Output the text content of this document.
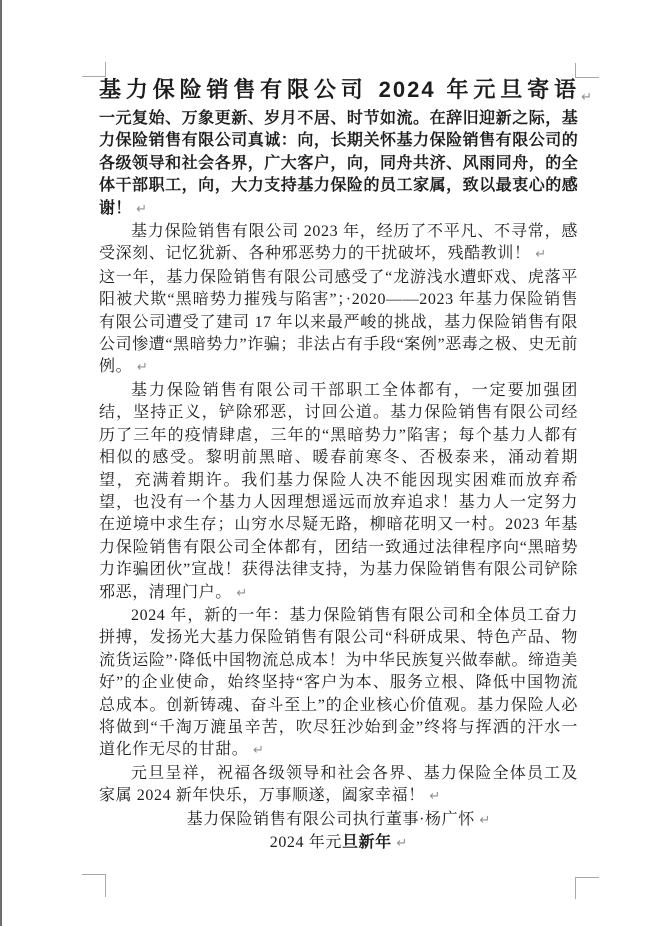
基力保险销售有限公司 2024 年元旦寄语 ↵

一元复始、万象更新、岁月不居、时节如流。在辞旧迎新之际，基力保险销售有限公司真诚：向，长期关怀基力保险销售有限公司的各级领导和社会各界，广大客户，向，同舟共济、风雨同舟，的全体干部职工，向，大力支持基力保险的员工家属，致以最衷心的感谢！ ↵

基力保险销售有限公司 2023 年，经历了不平凡、不寻常，感受深刻、记忆犹新、各种邪恶势力的干扰破坏，残酷教训！ ↵

这一年，基力保险销售有限公司感受了“龙游浅水遭虾戏、虎落平阳被犬欺“黑暗势力摧残与陷害”；·2020——2023 年基力保险销售有限公司遭受了建司 17 年以来最严峻的挑战，基力保险销售有限公司惨遭“黑暗势力”诈骗；非法占有手段“案例”恶毒之极、史无前例。 ↵

基力保险销售有限公司干部职工全体都有，一定要加强团结，坚持正义，铲除邪恶，讨回公道。基力保险销售有限公司经历了三年的疫情肆虐，三年的“黑暗势力”陷害；每个基力人都有相似的感受。黎明前黑暗、暖春前寒冬、否极泰来，涌动着期望，充满着期许。我们基力保险人决不能因现实困难而放弃希望，也没有一个基力人因理想遥远而放弃追求！基力人一定努力在逆境中求生存；山穷水尽疑无路，柳暗花明又一村。2023 年基力保险销售有限公司全体都有，团结一致通过法律程序向“黑暗势力诈骗团伙”宣战！获得法律支持，为基力保险销售有限公司铲除邪恶，清理门户。 ↵

2024 年，新的一年：基力保险销售有限公司和全体员工奋力拼搏，发扬光大基力保险销售有限公司“科研成果、特色产品、物流货运险”·降低中国物流总成本！为中华民族复兴做奉献。缔造美好”的企业使命，始终坚持“客户为本、服务立根、降低中国物流总成本。创新铸魂、奋斗至上”的企业核心价值观。基力保险人必将做到“千淘万漉虽辛苦，吹尽狂沙始到金”终将与挥洒的汗水一道化作无尽的甘甜。 ↵

元旦呈祥，祝福各级领导和社会各界、基力保险全体员工及家属 2024 新年快乐，万事顺遂，阖家幸福！ ↵

基力保险销售有限公司执行董事·杨广怀 ↵

2024 年元旦新年 ↵
